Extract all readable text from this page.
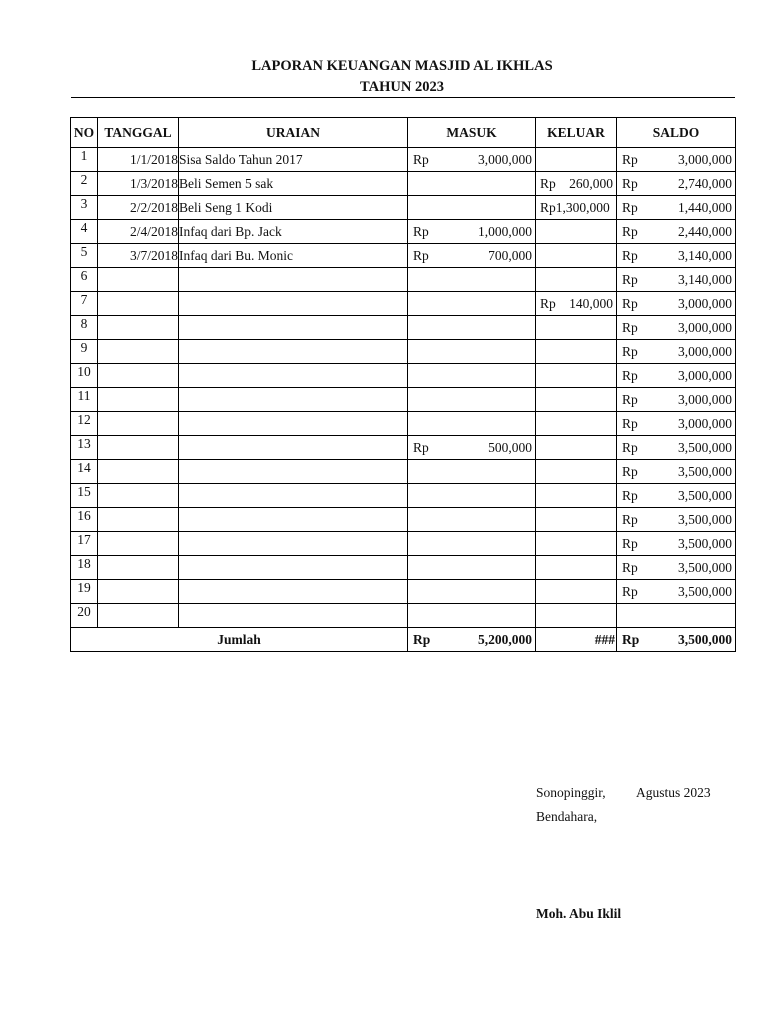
LAPORAN KEUANGAN MASJID AL IKHLAS
TAHUN 2023
NO	TANGGAL	URAIAN	MASUK	KELUAR	SALDO
1	1/1/2018	Sisa Saldo Tahun 2017	Rp 3,000,000		Rp 3,000,000

2	1/3/2018	Beli Semen 5 sak		Rp 260,000	Rp 2,740,000

3	2/2/2018	Beli Seng 1 Kodi		Rp 1,300,000	Rp 1,440,000

4	2/4/2018	Infaq dari Bp. Jack	Rp 1,000,000		Rp 2,440,000

5	3/7/2018	Infaq dari Bu. Monic	Rp 700,000		Rp 3,140,000

6					Rp 3,140,000

7				Rp 140,000	Rp 3,000,000

8					Rp 3,000,000

9					Rp 3,000,000

10					Rp 3,000,000

11					Rp 3,000,000

12					Rp 3,000,000

13			Rp 500,000		Rp 3,500,000

14					Rp 3,500,000

15					Rp 3,500,000

16					Rp 3,500,000

17					Rp 3,500,000

18					Rp 3,500,000

19					Rp 3,500,000

20					
Jumlah			Rp 5,200,000	###	Rp 3,500,000
Sonopinggir, Agustus 2023
Bendahara,
Moh. Abu Iklil
